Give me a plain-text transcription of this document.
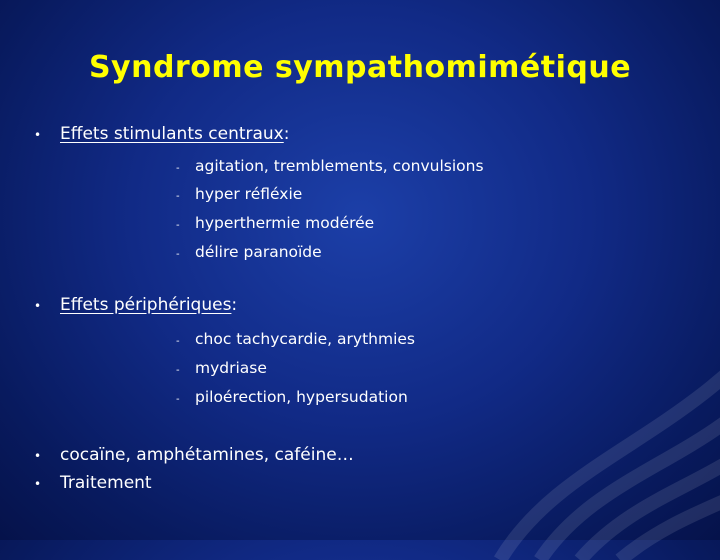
Syndrome sympathomimétique
•	Effets stimulants centraux :
- agitation, tremblements, convulsions
- hyper réfléxie
- hyperthermie modérée
- délire paranoïde
•	Effets périphériques :
- choc tachycardie, arythmies
- mydriase
- piloérection, hypersudation
•	cocaïne, amphétamines, caféine…
•	Traitement
